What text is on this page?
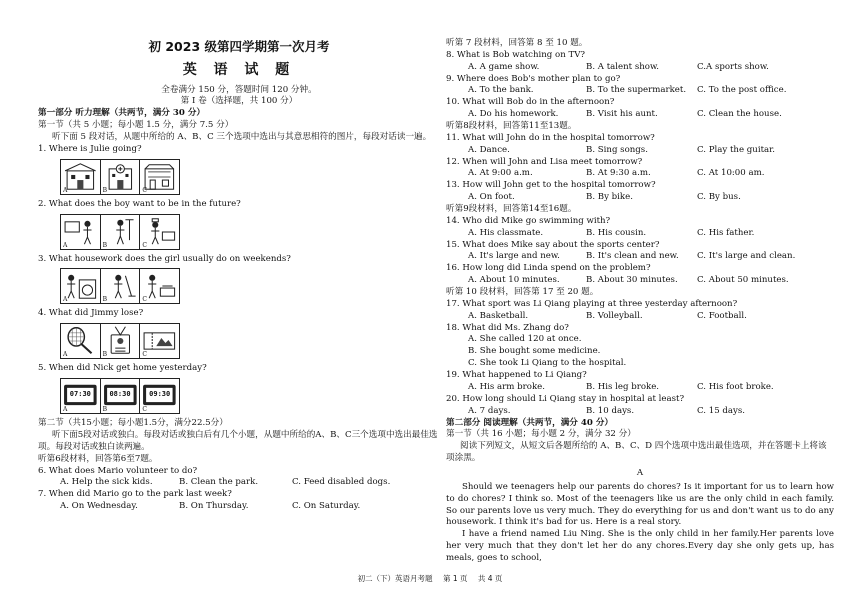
初 2023 级第四学期第一次月考

英 语 试 题

全卷满分 150 分，答题时间 120 分钟。

第 I 卷（选择题，共 100 分）

第一部分 听力理解（共两节，满分 30 分）

第一节（共 5 小题；每小题 1.5 分，满分 7.5 分）

听下面 5 段对话，从题中所给的 A、B、C 三个选项中选出与其意思相符的图片，每段对话读一遍。

1. Where is Julie going?

A	B	C

2. What does the boy want to be in the future?

A	B	C

3. What housework does the girl usually do on weekends?

A	B	C

4. What did Jimmy lose?

A	B	C

5. When did Nick get home yesterday?

07:30
A
08:30
B
09:30
C

第二节（共15小题；每小题1.5分，满分22.5分）

听下面5段对话或独白。每段对话或独白后有几个小题，从题中所给的A、B、C三个选项中选出最佳选项。每段对话或独白读两遍。

听第6段材料，回答第6至7题。

6. What does Mario volunteer to do?

A. Help the sick kids.	B. Clean the park.	C. Feed disabled dogs.

7. When did Mario go to the park last week?

A. On Wednesday.	B. On Thursday.	C. On Saturday.

听第 7 段材料，回答第 8 至 10 题。

8. What is Bob watching on TV?

A. A game show.	B. A talent show.	C.A sports show.

9. Where does Bob's mother plan to go?

A. To the bank.	B. To the supermarket.	C. To the post office.

10. What will Bob do in the afternoon?

A. Do his homework.	B. Visit his aunt.	C. Clean the house.

听第8段材料，回答第11至13题。

11. What will John do in the hospital tomorrow?

A. Dance.	B. Sing songs.	C. Play the guitar.

12. When will John and Lisa meet tomorrow?

A. At 9:00 a.m.	B. At 9:30 a.m.	C. At 10:00 am.

13. How will John get to the hospital tomorrow?

A. On foot.	B. By bike.	C. By bus.

听第9段材料，回答第14至16题。

14. Who did Mike go swimming with?

A. His classmate.	B. His cousin.	C. His father.

15. What does Mike say about the sports center?

A. It's large and new.	B. It's clean and new.	C. It's large and clean.

16. How long did Linda spend on the problem?

A. About 10 minutes.	B. About 30 minutes.	C. About 50 minutes.

听第 10 段材料，回答第 17 至 20 题。

17. What sport was Li Qiang playing at three yesterday afternoon?

A. Basketball.	B. Volleyball.	C. Football.

18. What did Ms. Zhang do?

A. She called 120 at once.

B. She bought some medicine.

C. She took Li Qiang to the hospital.

19. What happened to Li Qiang?

A. His arm broke.	B. His leg broke.	C. His foot broke.

20. How long should Li Qiang stay in hospital at least?

A. 7 days.	B. 10 days.	C. 15 days.

第二部分 阅读理解（共两节，满分 40 分）

第一节（共 16 小题；每小题 2 分，满分 32 分）

阅读下列短文，从短文后各题所给的 A、B、C、D 四个选项中选出最佳选项，并在答题卡上将该项涂黑。

A

Should we teenagers help our parents do chores? Is it important for us to learn how to do chores? I think so. Most of the teenagers like us are the only child in each family. So our parents love us very much. They do everything for us and don't want us to do any housework. I think it's bad for us. Here is a real story.

I have a friend named Liu Ning. She is the only child in her family.Her parents love her very much that they don't let her do any chores.Every day she only gets up, has meals, goes to school,

初二（下）英语月考题 第 1 页 共 4 页
